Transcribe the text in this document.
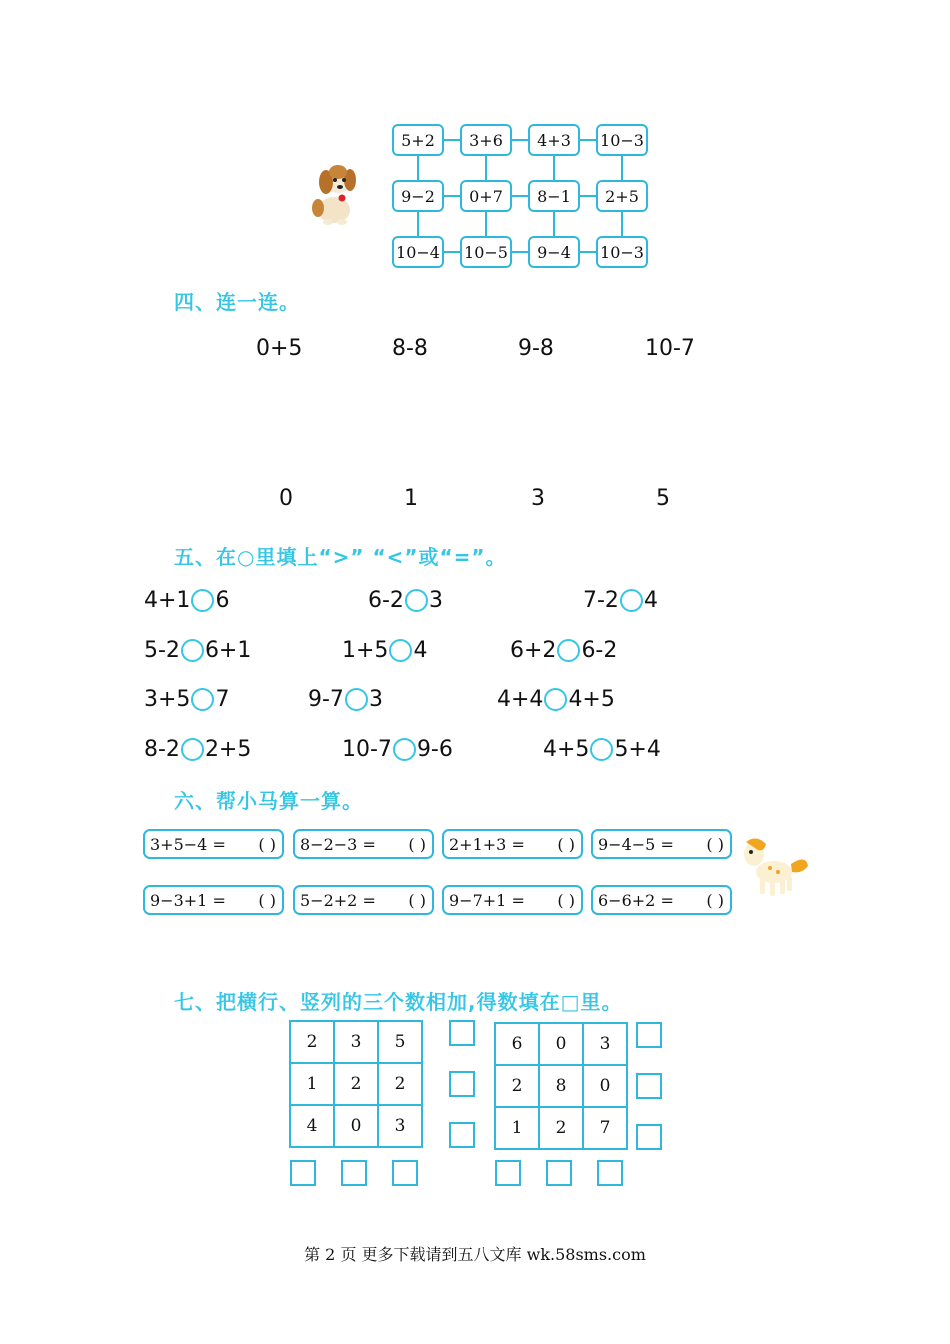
5+2	3+6	4+3	10−3
9−2	0+7	8−1	2+5
10−4 10−5	9−4	10−3
四、连一连。
0+5	8-8	9-8	10-7
0	1	3	5
五、在○里填上“>” “<”或“=”。
4+1 6	6-2 3	7-2 4
5-2 6+1	1+5 4	6+2 6-2
3+5 7	9-7 3	4+4 4+5
8-2 2+5	10-7 9-6	4+5 5+4
六、帮小马算一算。
3+5−4 = ( ) 8−2−3 = ( ) 2+1+3 = ( ) 9−4−5 = ( )
9−3+1 = ( ) 5−2+2 = ( ) 9−7+1 = ( ) 6−6+2 = ( )
七、把横行、竖列的三个数相加,得数填在□里。
2	3	5
1	2	2
4	0	3
6	0	3
2	8	0
1	2	7
第 2 页 更多下载请到五八文库 wk.58sms.com
